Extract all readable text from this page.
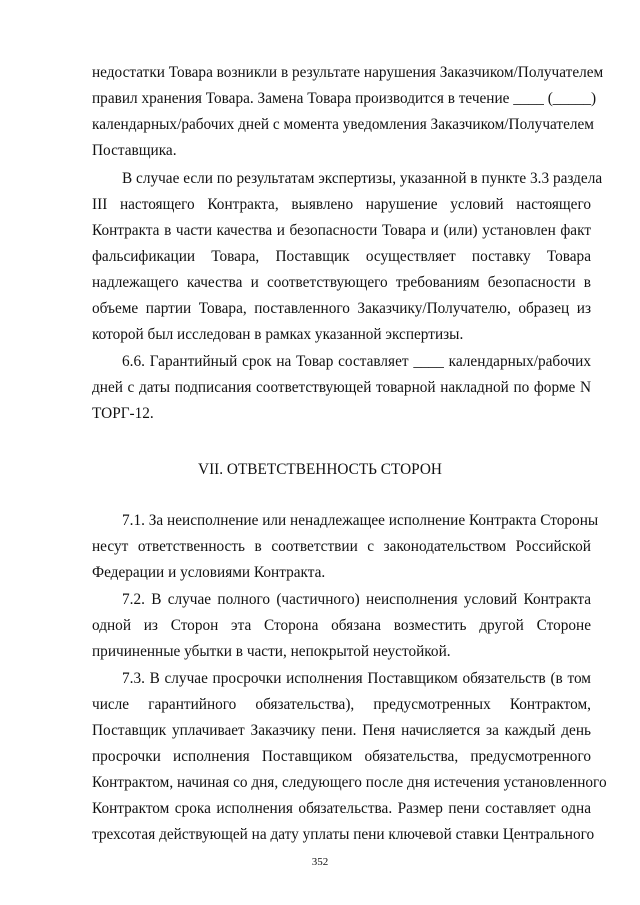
недостатки Товара возникли в результате нарушения Заказчиком/Получателем
правил хранения Товара. Замена Товара производится в течение ____ (_____)
календарных/рабочих дней с момента уведомления Заказчиком/Получателем
Поставщика.
В случае если по результатам экспертизы, указанной в пункте 3.3 раздела
III настоящего Контракта, выявлено нарушение условий настоящего
Контракта в части качества и безопасности Товара и (или) установлен факт
фальсификации Товара, Поставщик осуществляет поставку Товара
надлежащего качества и соответствующего требованиям безопасности в
объеме партии Товара, поставленного Заказчику/Получателю, образец из
которой был исследован в рамках указанной экспертизы.
6.6. Гарантийный срок на Товар составляет ____ календарных/рабочих
дней с даты подписания соответствующей товарной накладной по форме N
ТОРГ-12.
VII. ОТВЕТСТВЕННОСТЬ СТОРОН
7.1. За неисполнение или ненадлежащее исполнение Контракта Стороны
несут ответственность в соответствии с законодательством Российской
Федерации и условиями Контракта.
7.2. В случае полного (частичного) неисполнения условий Контракта
одной из Сторон эта Сторона обязана возместить другой Стороне
причиненные убытки в части, непокрытой неустойкой.
7.3. В случае просрочки исполнения Поставщиком обязательств (в том
числе гарантийного обязательства), предусмотренных Контрактом,
Поставщик уплачивает Заказчику пени. Пеня начисляется за каждый день
просрочки исполнения Поставщиком обязательства, предусмотренного
Контрактом, начиная со дня, следующего после дня истечения установленного
Контрактом срока исполнения обязательства. Размер пени составляет одна
трехсотая действующей на дату уплаты пени ключевой ставки Центрального
352
